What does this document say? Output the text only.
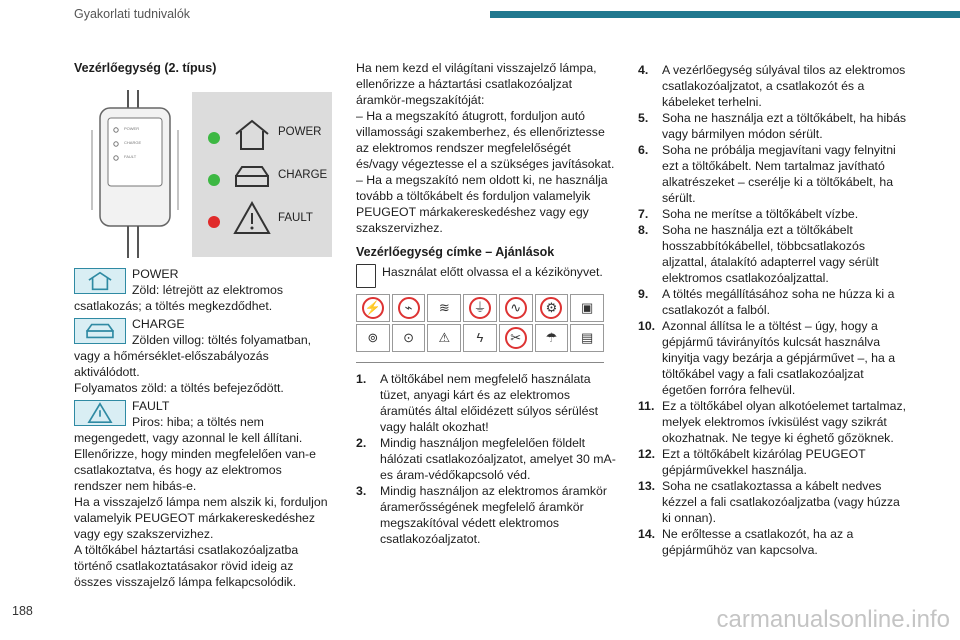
Gyakorlati tudnivalók

Vezérlőegység (2. típus)

POWER
CHARGE
FAULT
POWER
CHARGE
FAULT
POWER
Zöld: létrejött az elektromos csatlakozás; a töltés megkezdődhet.
CHARGE
Zölden villog: töltés folyamatban, vagy a hőmérséklet-előszabályozás aktiválódott.

Folyamatos zöld: a töltés befejeződött.

FAULT
Piros: hiba; a töltés nem megengedett, vagy azonnal le kell állítani. Ellenőrizze, hogy minden megfelelően van-e csatlakoztatva, és hogy az elektromos rendszer nem hibás-e.

Ha a visszajelző lámpa nem alszik ki, forduljon valamelyik PEUGEOT márkakereskedéshez vagy egy szakszervizhez.

A töltőkábel háztartási csatlakozóaljzatba történő csatlakoztatásakor rövid ideig az összes visszajelző lámpa felkapcsolódik.

Ha nem kezd el világítani visszajelző lámpa, ellenőrizze a háztartási csatlakozóaljzat áramkör-megszakítóját:

– Ha a megszakító átugrott, forduljon autó villamossági szakemberhez, és ellenőriztesse az elektromos rendszer megfelelőségét és/vagy végeztesse el a szükséges javításokat.

– Ha a megszakító nem oldott ki, ne használja tovább a töltőkábelt és forduljon valamelyik PEUGEOT márkakereskedéshez vagy egy szakszervizhez.

Vezérlőegység címke – Ajánlások

Használat előtt olvassa el a kézikönyvet.
⚡	⌁	≋	⏚	∿	⚙	▣
⊚	⊙	⚠	ϟ	✂	☂	▤
1. A töltőkábel nem megfelelő használata tüzet, anyagi kárt és az elektromos áramütés által előidézett súlyos sérülést vagy halált okozhat!
2. Mindig használjon megfelelően földelt hálózati csatlakozóaljzatot, amelyet 30 mA-es áram-védőkapcsoló véd.
3. Mindig használjon az elektromos áramkör áramerősségének megfelelő áramkör megszakítóval védett elektromos csatlakozóaljzatot.
4. A vezérlőegység súlyával tilos az elektromos csatlakozóaljzatot, a csatlakozót és a kábeleket terhelni.
5. Soha ne használja ezt a töltőkábelt, ha hibás vagy bármilyen módon sérült.
6. Soha ne próbálja megjavítani vagy felnyitni ezt a töltőkábelt. Nem tartalmaz javítható alkatrészeket – cserélje ki a töltőkábelt, ha sérült.
7. Soha ne merítse a töltőkábelt vízbe.
8. Soha ne használja ezt a töltőkábelt hosszabbítókábellel, többcsatlakozós aljzattal, átalakító adapterrel vagy sérült elektromos csatlakozóaljzattal.
9. A töltés megállításához soha ne húzza ki a csatlakozót a falból.
10. Azonnal állítsa le a töltést – úgy, hogy a gépjármű távirányítós kulcsát használva kinyitja vagy bezárja a gépjárművet –, ha a töltőkábel vagy a fali csatlakozóaljzat égetően forróra felhevül.
11. Ez a töltőkábel olyan alkotóelemet tartalmaz, melyek elektromos ívkisülést vagy szikrát okozhatnak. Ne tegye ki éghető gőzöknek.
12. Ezt a töltőkábelt kizárólag PEUGEOT gépjárművekkel használja.
13. Soha ne csatlakoztassa a kábelt nedves kézzel a fali csatlakozóaljzatba (vagy húzza ki onnan).
14. Ne erőltesse a csatlakozót, ha az a gépjárműhöz van kapcsolva.
188	carmanualsonline.info
